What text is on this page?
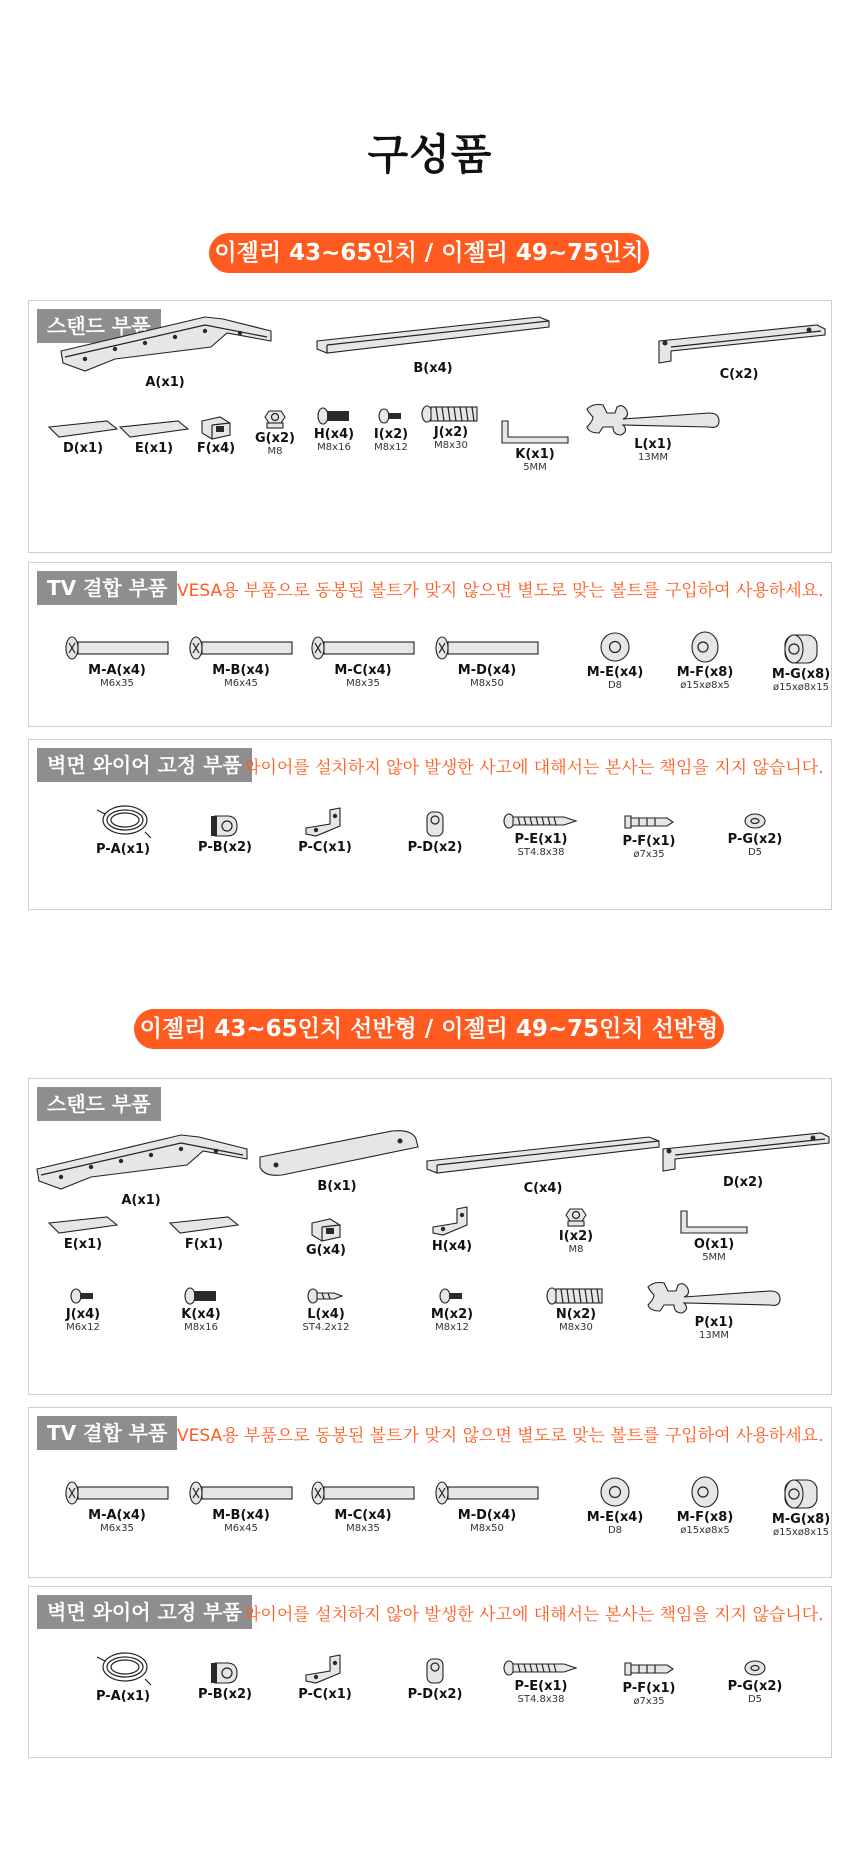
구성품
이젤리 43~65인치 / 이젤리 49~75인치
스탠드 부품
A(x1)
B(x4)	C(x2)
D(x1)	E(x1)	F(x4)
G(x2)
M8
H(x4)
M8x16
I(x2)
M8x12
J(x2)
M8x30
K(x1)
5MM
L(x1)
13MM
TV 결합 부품 VESA용 부품으로 동봉된 볼트가 맞지 않으면 별도로 맞는 볼트를 구입하여 사용하세요.
M-A(x4)
M6x35
M-B(x4)
M6x45
M-C(x4)
M8x35
M-D(x4)
M8x50
M-E(x4)
D8
M-F(x8)
ø15xø8x5
M-G(x8)
ø15xø8x15
벽면 와이어 고정 부품 와이어를 설치하지 않아 발생한 사고에 대해서는 본사는 책임을 지지 않습니다.
P-A(x1)	P-B(x2)	P-C(x1)	P-D(x2)
P-E(x1)
ST4.8x38
P-F(x1)
ø7x35
P-G(x2)
D5
이젤리 43~65인치 선반형 / 이젤리 49~75인치 선반형
스탠드 부품
A(x1)
B(x1)	C(x4)	D(x2)
E(x1)	F(x1)	G(x4)	H(x4)
I(x2)
M8	O(x1)
5MM
J(x4)
M6x12
K(x4)
M8x16
L(x4)
ST4.2x12
M(x2)
M8x12
N(x2)
M8x30	P(x1)
13MM
TV 결합 부품 VESA용 부품으로 동봉된 볼트가 맞지 않으면 별도로 맞는 볼트를 구입하여 사용하세요.
M-A(x4)
M6x35
M-B(x4)
M6x45
M-C(x4)
M8x35
M-D(x4)
M8x50
M-E(x4)
D8
M-F(x8)
ø15xø8x5
M-G(x8)
ø15xø8x15
벽면 와이어 고정 부품 와이어를 설치하지 않아 발생한 사고에 대해서는 본사는 책임을 지지 않습니다.
P-A(x1)	P-B(x2)	P-C(x1)	P-D(x2)
P-E(x1)
ST4.8x38
P-F(x1)
ø7x35
P-G(x2)
D5
